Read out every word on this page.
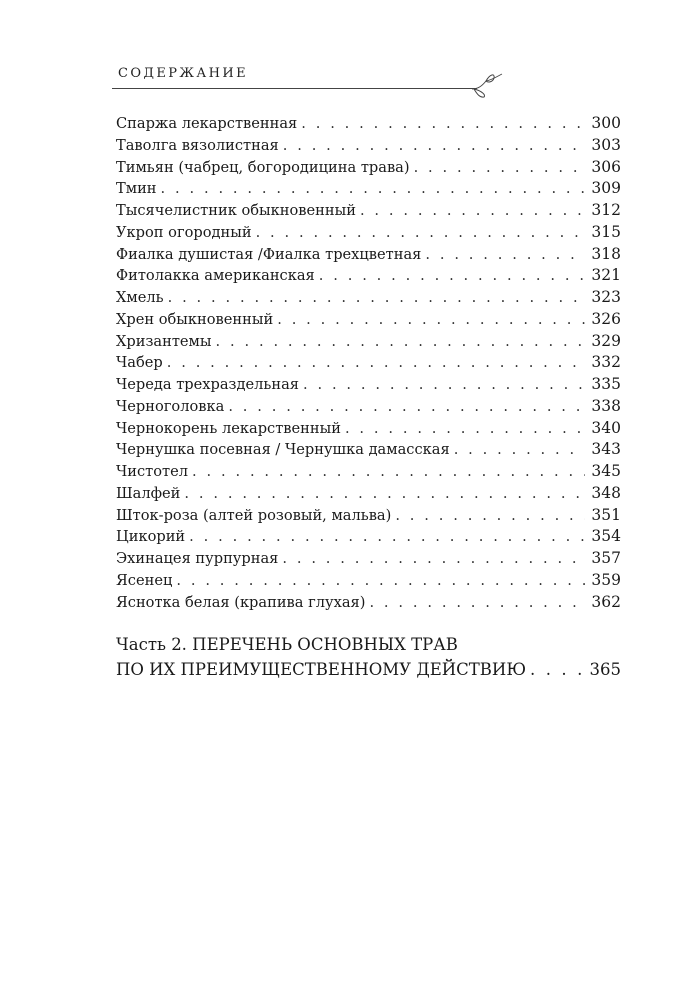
СОДЕРЖАНИЕ
Спаржа лекарственная . . .	300
Таволга вязолистная . . .	303
Тимьян (чабрец, богородицина трава) . . .	306
Тмин . . .	309
Тысячелистник обыкновенный . . .	312
Укроп огородный . . .	315
Фиалка душистая /Фиалка трехцветная . . .	318
Фитолакка американская . . .	321
Хмель . . .	323
Хрен обыкновенный . . .	326
Хризантемы . . .	329
Чабер . . .	332
Череда трехраздельная . . .	335
Черноголовка . . .	338
Чернокорень лекарственный . . .	340
Чернушка посевная / Чернушка дамасская . . .	343
Чистотел . . .	345
Шалфей . . .	348
Шток-роза (алтей розовый, мальва) . . .	351
Цикорий . . .	354
Эхинацея пурпурная . . .	357
Ясенец . . .	359
Яснотка белая (крапива глухая) . . .	362
Часть 2. ПЕРЕЧЕНЬ ОСНОВНЫХ ТРАВ
ПО ИХ ПРЕИМУЩЕСТВЕННОМУ ДЕЙСТВИЮ . . .	365
